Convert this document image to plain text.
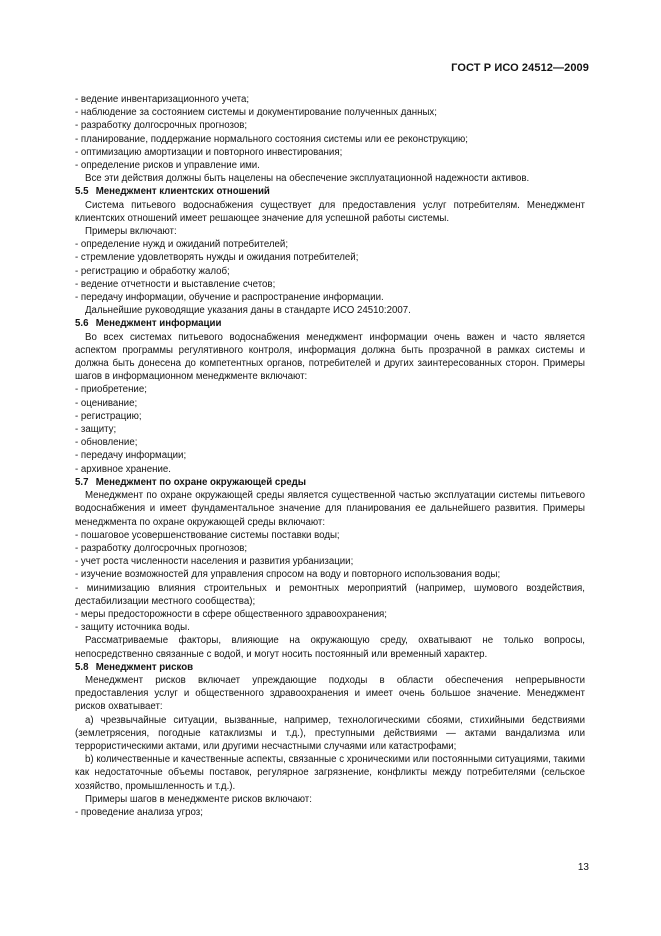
ГОСТ Р ИСО 24512—2009
- ведение инвентаризационного учета;
- наблюдение за состоянием системы и документирование полученных данных;
- разработку долгосрочных прогнозов;
- планирование, поддержание нормального состояния системы или ее реконструкцию;
- оптимизацию амортизации и повторного инвестирования;
- определение рисков и управление ими.

Все эти действия должны быть нацелены на обеспечение эксплуатационной надежности активов.

5.5 Менеджмент клиентских отношений

Система питьевого водоснабжения существует для предоставления услуг потребителям. Менеджмент клиентских отношений имеет решающее значение для успешной работы системы.

Примеры включают:

- определение нужд и ожиданий потребителей;
- стремление удовлетворять нужды и ожидания потребителей;
- регистрацию и обработку жалоб;
- ведение отчетности и выставление счетов;
- передачу информации, обучение и распространение информации.

Дальнейшие руководящие указания даны в стандарте ИСО 24510:2007.

5.6 Менеджмент информации

Во всех системах питьевого водоснабжения менеджмент информации очень важен и часто является аспектом программы регулятивного контроля, информация должна быть прозрачной в рамках системы и должна быть донесена до компетентных органов, потребителей и других заинтересованных сторон. Примеры шагов в информационном менеджменте включают:

- приобретение;
- оценивание;
- регистрацию;
- защиту;
- обновление;
- передачу информации;
- архивное хранение.

5.7 Менеджмент по охране окружающей среды

Менеджмент по охране окружающей среды является существенной частью эксплуатации системы питьевого водоснабжения и имеет фундаментальное значение для планирования ее дальнейшего развития. Примеры менеджмента по охране окружающей среды включают:

- пошаговое усовершенствование системы поставки воды;
- разработку долгосрочных прогнозов;
- учет роста численности населения и развития урбанизации;
- изучение возможностей для управления спросом на воду и повторного использования воды;
- минимизацию влияния строительных и ремонтных мероприятий (например, шумового воздействия, дестабилизации местного сообщества);
- меры предосторожности в сфере общественного здравоохранения;
- защиту источника воды.

Рассматриваемые факторы, влияющие на окружающую среду, охватывают не только вопросы, непосредственно связанные с водой, и могут носить постоянный или временный характер.

5.8 Менеджмент рисков

Менеджмент рисков включает упреждающие подходы в области обеспечения непрерывности предоставления услуг и общественного здравоохранения и имеет очень большое значение. Менеджмент рисков охватывает:

а) чрезвычайные ситуации, вызванные, например, технологическими сбоями, стихийными бедствиями (землетрясения, погодные катаклизмы и т.д.), преступными действиями — актами вандализма или террористическими актами, или другими несчастными случаями или катастрофами;

b) количественные и качественные аспекты, связанные с хроническими или постоянными ситуациями, такими как недостаточные объемы поставок, регулярное загрязнение, конфликты между потребителями (сельское хозяйство, промышленность и т.д.).

Примеры шагов в менеджменте рисков включают:

- проведение анализа угроз;
13
